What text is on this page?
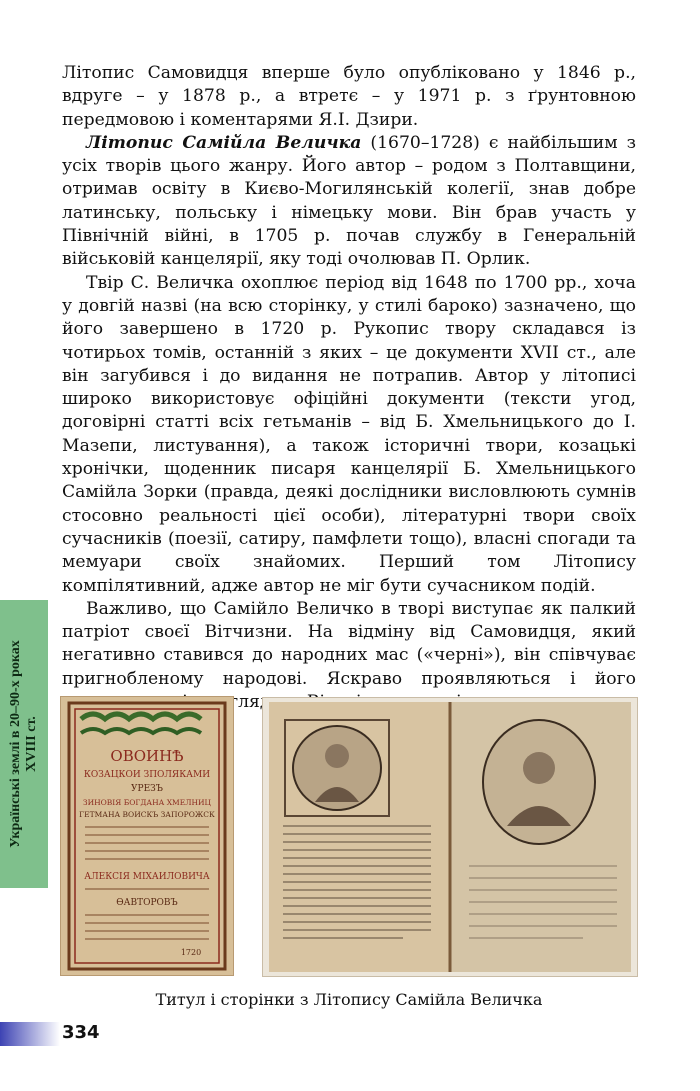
Літопис Самовидця вперше було опубліковано у 1846 р., вдруге – у 1878 р., а втретє – у 1971 р. з ґрунтовною передмовою і коментарями Я.І. Дзири.

Літопис Самійла Величка (1670–1728) є найбільшим з усіх творів цього жанру. Його автор – родом з Полтавщини, отримав освіту в Києво-Могилянській колегії, знав добре латинську, польську і німецьку мови. Він брав участь у Північній війні, в 1705 р. почав службу в Генеральній військовій канцелярії, яку тоді очолював П. Орлик.

Твір С. Величка охоплює період від 1648 по 1700 рр., хоча у довгій назві (на всю сторінку, у стилі бароко) зазначено, що його завершено в 1720 р. Рукопис твору складався із чотирьох томів, останній з яких – це документи XVII ст., але він загубився і до видання не потрапив. Автор у літописі широко використовує офіційні документи (тексти угод, договірні статті всіх гетьманів – від Б. Хмельницького до І. Мазепи, листування), а також історичні твори, козацькі хронічки, щоденник писаря канцелярії Б. Хмельницького Самійла Зорки (правда, деякі дослідники висловлюють сумнів стосовно реальності цієї особи), літературні твори своїх сучасників (поезії, сатиру, памфлети тощо), власні спогади та мемуари своїх знайомих. Перший том Літопису компілятивний, адже автор не міг бути сучасником подій.

Важливо, що Самійло Величко в творі виступає як палкий патріот своєї Вітчизни. На відміну від Самовидця, який негативно ставився до народних мас («черні»), він співчуває пригнобленому народові. Яскраво проявляються і його погляди.

Українські землі в 20–90-х роках XVIII ст.	ОВОИНѢ
КОЗАЦКОИ ЗПОЛЯКАМИ
УРЕЗЪ
ЗИНОВІЯ БОГДАНА ХМЕЛНИЦ
ГЕТМАНА ВОИСКЪ ЗАПОРОЖСК
АЛЕКСІЯ МІХАИЛОВИЧА
ѲАВТОРОВЪ
1720
Титул і сторінки з Літопису Самійла Величка
334
